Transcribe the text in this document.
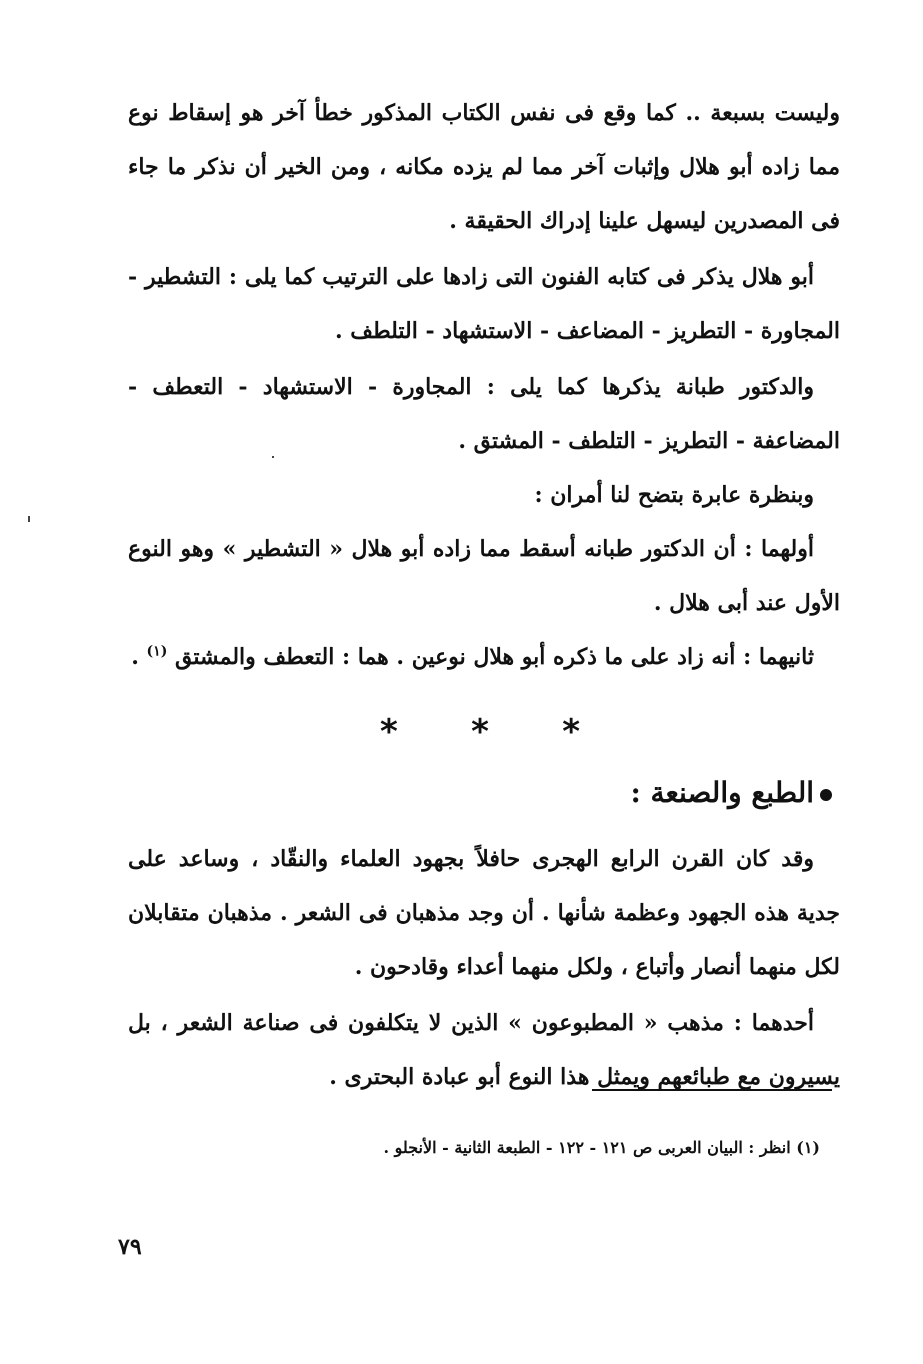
وليست بسبعة .. كما وقع فى نفس الكتاب المذكور خطأ آخر هو إسقاط نوع مما زاده أبو هلال وإثبات آخر مما لم يزده مكانه ، ومن الخير أن نذكر ما جاء فى المصدرين ليسهل علينا إدراك الحقيقة .

أبو هلال يذكر فى كتابه الفنون التى زادها على الترتيب كما يلى : التشطير - المجاورة - التطريز - المضاعف - الاستشهاد - التلطف .

والدكتور طبانة يذكرها كما يلى : المجاورة - الاستشهاد - التعطف - المضاعفة - التطريز - التلطف - المشتق .

وبنظرة عابرة بتضح لنا أمران :

أولهما : أن الدكتور طبانه أسقط مما زاده أبو هلال « التشطير » وهو النوع الأول عند أبى هلال .

ثانيهما : أنه زاد على ما ذكره أبو هلال نوعين . هما : التعطف والمشتق $^{(١)}$ .

* * *
الطبع والصنعة :

وقد كان القرن الرابع الهجرى حافلاً بجهود العلماء والنقّاد ، وساعد على جدية هذه الجهود وعظمة شأنها . أن وجد مذهبان فى الشعر . مذهبان متقابلان لكل منهما أنصار وأتباع ، ولكل منهما أعداء وقادحون .

أحدهما : مذهب « المطبوعون » الذين لا يتكلفون فى صناعة الشعر ، بل يسيرون مع طبائعهم ويمثل هذا النوع أبو عبادة البحترى .

(١) انظر : البيان العربى ص ١٢١ - ١٢٢ - الطبعة الثانية - الأنجلو .
٧٩
